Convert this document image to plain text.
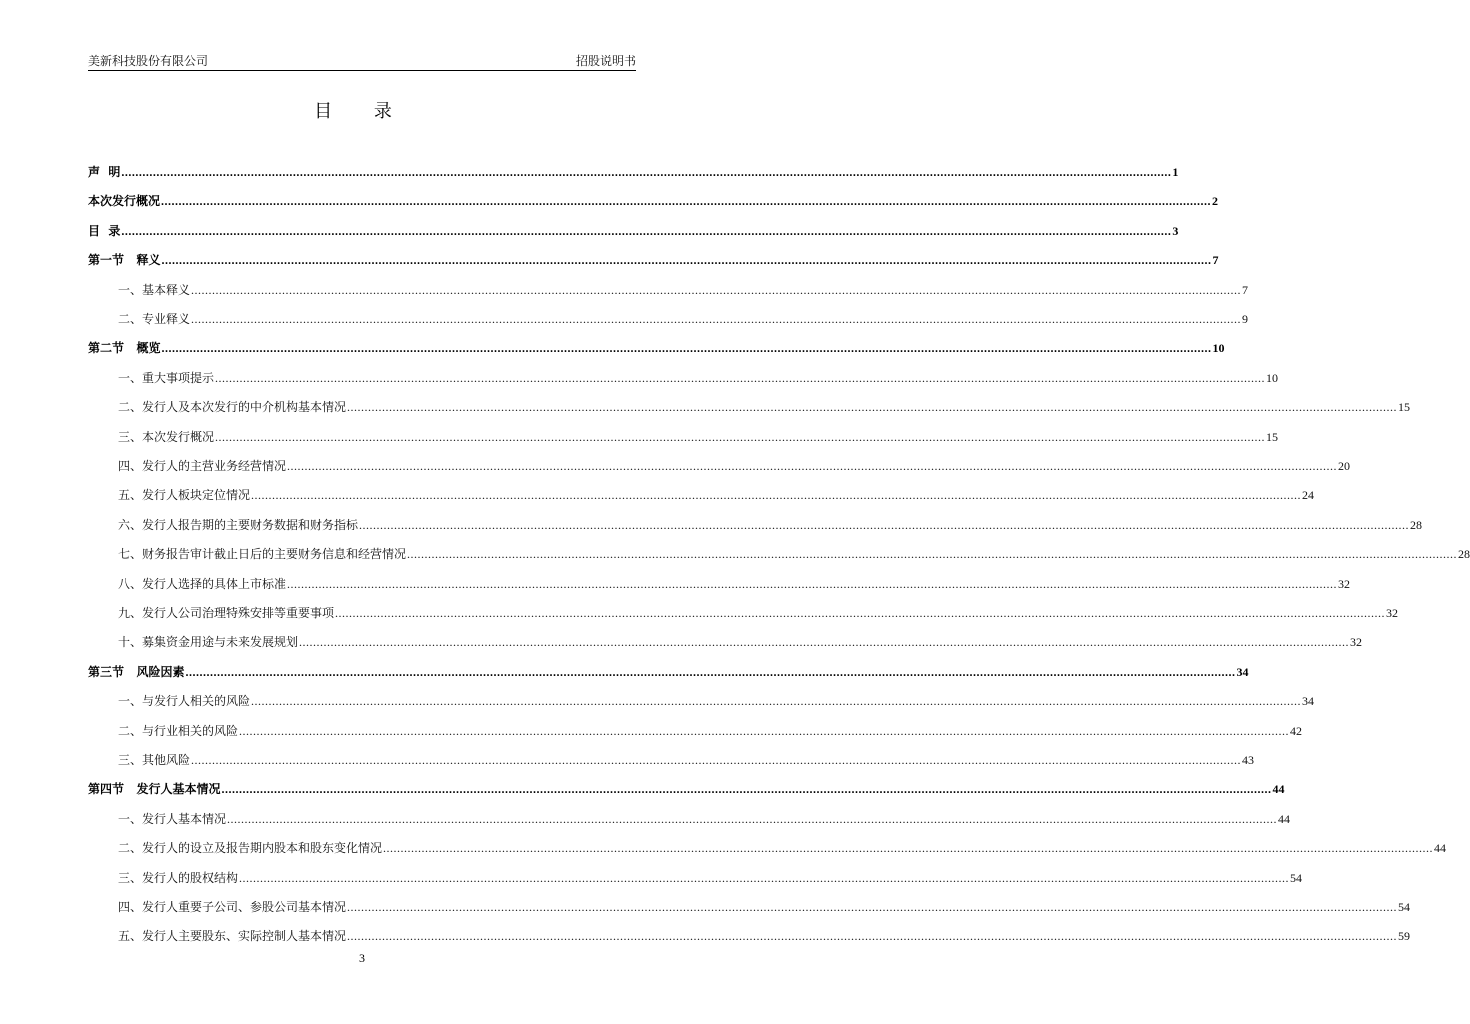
美新科技股份有限公司	招股说明书
目 录
声  明 ............................................................................................................................................................................................................................................................................................................ 1
本次发行概况 ............................................................................................................................................................................................................................................................................................................ 2
目  录 ............................................................................................................................................................................................................................................................................................................ 3
第一节   释义 ............................................................................................................................................................................................................................................................................................................ 7
一、基本释义 ............................................................................................................................................................................................................................................................................................................ 7
二、专业释义 ............................................................................................................................................................................................................................................................................................................ 9
第二节   概览 ............................................................................................................................................................................................................................................................................................................ 10
一、重大事项提示 ............................................................................................................................................................................................................................................................................................................ 10
二、发行人及本次发行的中介机构基本情况 ............................................................................................................................................................................................................................................................................................................ 15
三、本次发行概况 ............................................................................................................................................................................................................................................................................................................ 15
四、发行人的主营业务经营情况 ............................................................................................................................................................................................................................................................................................................ 20
五、发行人板块定位情况 ............................................................................................................................................................................................................................................................................................................ 24
六、发行人报告期的主要财务数据和财务指标 ............................................................................................................................................................................................................................................................................................................ 28
七、财务报告审计截止日后的主要财务信息和经营情况 ............................................................................................................................................................................................................................................................................................................ 28
八、发行人选择的具体上市标准 ............................................................................................................................................................................................................................................................................................................ 32
九、发行人公司治理特殊安排等重要事项 ............................................................................................................................................................................................................................................................................................................ 32
十、募集资金用途与未来发展规划 ............................................................................................................................................................................................................................................................................................................ 32
第三节   风险因素 ............................................................................................................................................................................................................................................................................................................ 34
一、与发行人相关的风险 ............................................................................................................................................................................................................................................................................................................ 34
二、与行业相关的风险 ............................................................................................................................................................................................................................................................................................................ 42
三、其他风险 ............................................................................................................................................................................................................................................................................................................ 43
第四节   发行人基本情况 ............................................................................................................................................................................................................................................................................................................ 44
一、发行人基本情况 ............................................................................................................................................................................................................................................................................................................ 44
二、发行人的设立及报告期内股本和股东变化情况 ............................................................................................................................................................................................................................................................................................................ 44
三、发行人的股权结构 ............................................................................................................................................................................................................................................................................................................ 54
四、发行人重要子公司、参股公司基本情况 ............................................................................................................................................................................................................................................................................................................ 54
五、发行人主要股东、实际控制人基本情况 ............................................................................................................................................................................................................................................................................................................ 59
3
